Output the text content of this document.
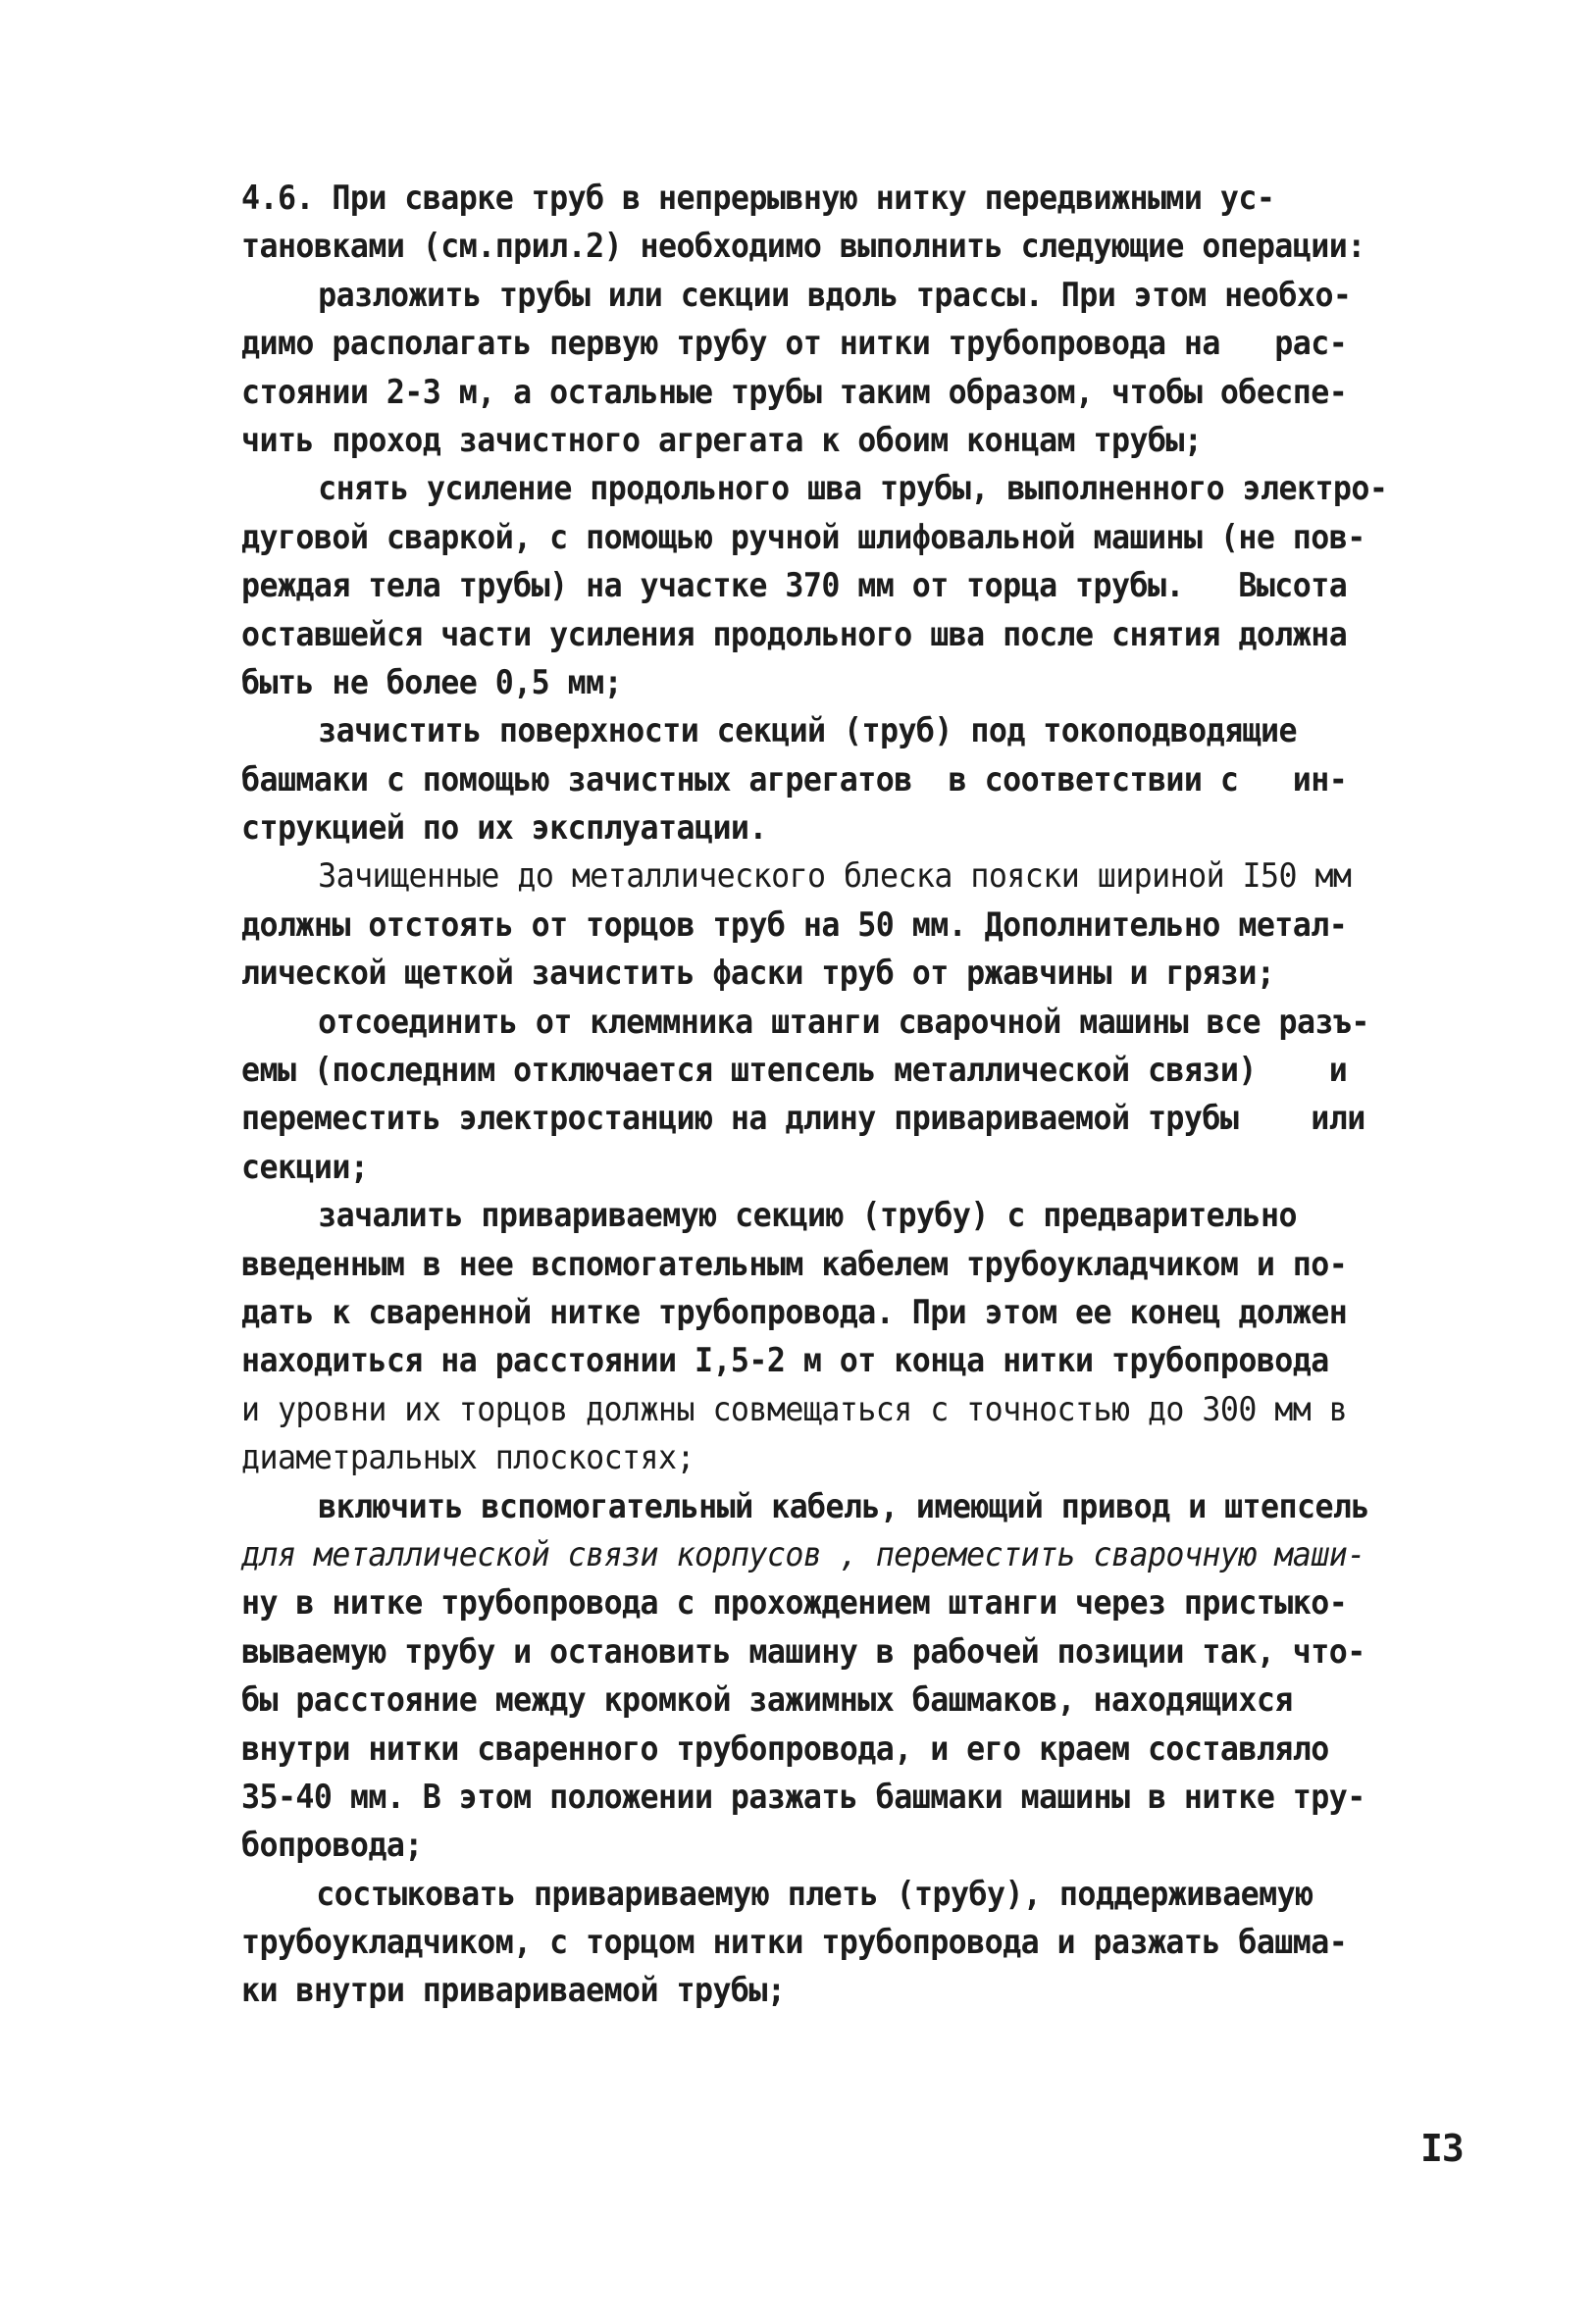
4.6. При сварке труб в непрерывную нитку передвижными ус-
тановками (см.прил.2) необходимо выполнить следующие операции:
разложить трубы или секции вдоль трассы. При этом необхо-
димо располагать первую трубу от нитки трубопровода на   рас-
стоянии 2-3 м, а остальные трубы таким образом, чтобы обеспе-
чить проход зачистного агрегата к обоим концам трубы;
снять усиление продольного шва трубы, выполненного электро-
дуговой сваркой, с помощью ручной шлифовальной машины (не пов-
реждая тела трубы) на участке 370 мм от торца трубы.   Высота
оставшейся части усиления продольного шва после снятия должна
быть не более 0,5 мм;
зачистить поверхности секций (труб) под токоподводящие
башмаки с помощью зачистных агрегатов  в соответствии с   ин-
струкцией по их эксплуатации.
Зачищенные до металлического блеска пояски шириной I50 мм
должны отстоять от торцов труб на 50 мм. Дополнительно метал-
лической щеткой зачистить фаски труб от ржавчины и грязи;
отсоединить от клеммника штанги сварочной машины все разъ-
емы (последним отключается штепсель металлической связи)    и
переместить электростанцию на длину привариваемой трубы    или
секции;
зачалить привариваемую секцию (трубу) с предварительно
введенным в нее вспомогательным кабелем трубоукладчиком и по-
дать к сваренной нитке трубопровода. При этом ее конец должен
находиться на расстоянии I,5-2 м от конца нитки трубопровода
и уровни их торцов должны совмещаться с точностью до 300 мм в
диаметральных плоскостях;
включить вспомогательный кабель, имеющий привод и штепсель
для металлической связи корпусов , переместить сварочную маши-
ну в нитке трубопровода с прохождением штанги через пристыко-
вываемую трубу и остановить машину в рабочей позиции так, что-
бы расстояние между кромкой зажимных башмаков, находящихся
внутри нитки сваренного трубопровода, и его краем составляло
35-40 мм. В этом положении разжать башмаки машины в нитке тру-
бопровода;
состыковать привариваемую плеть (трубу), поддерживаемую
трубоукладчиком, с торцом нитки трубопровода и разжать башма-
ки внутри привариваемой трубы;
I3
